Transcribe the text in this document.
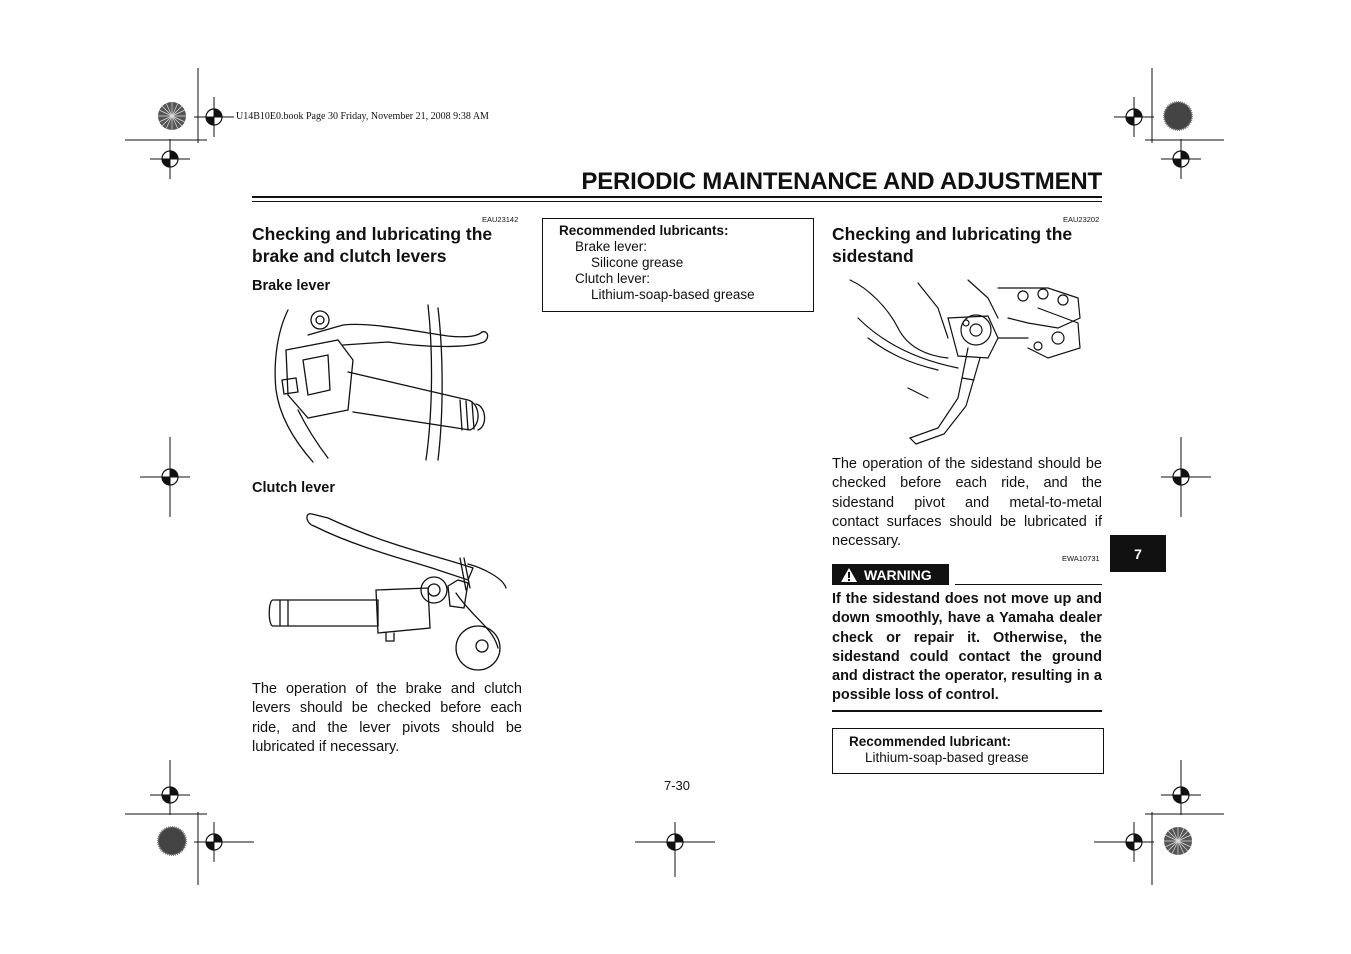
U14B10E0.book Page 30 Friday, November 21, 2008 9:38 AM
PERIODIC MAINTENANCE AND ADJUSTMENT
EAU23142
Checking and lubricating the brake and clutch levers
Brake lever
Clutch lever
The operation of the brake and clutch levers should be checked before each ride, and the lever pivots should be lubricated if necessary.
Recommended lubricants:
Brake lever:
Silicone grease
Clutch lever:
Lithium-soap-based grease
EAU23202
Checking and lubricating the sidestand
The operation of the sidestand should be checked before each ride, and the sidestand pivot and metal-to-metal contact surfaces should be lubricated if necessary.
EWA10731
WARNING
If the sidestand does not move up and down smoothly, have a Yamaha dealer check or repair it. Otherwise, the sidestand could contact the ground and distract the operator, resulting in a possible loss of control.
Recommended lubricant:
Lithium-soap-based grease
7
7-30
